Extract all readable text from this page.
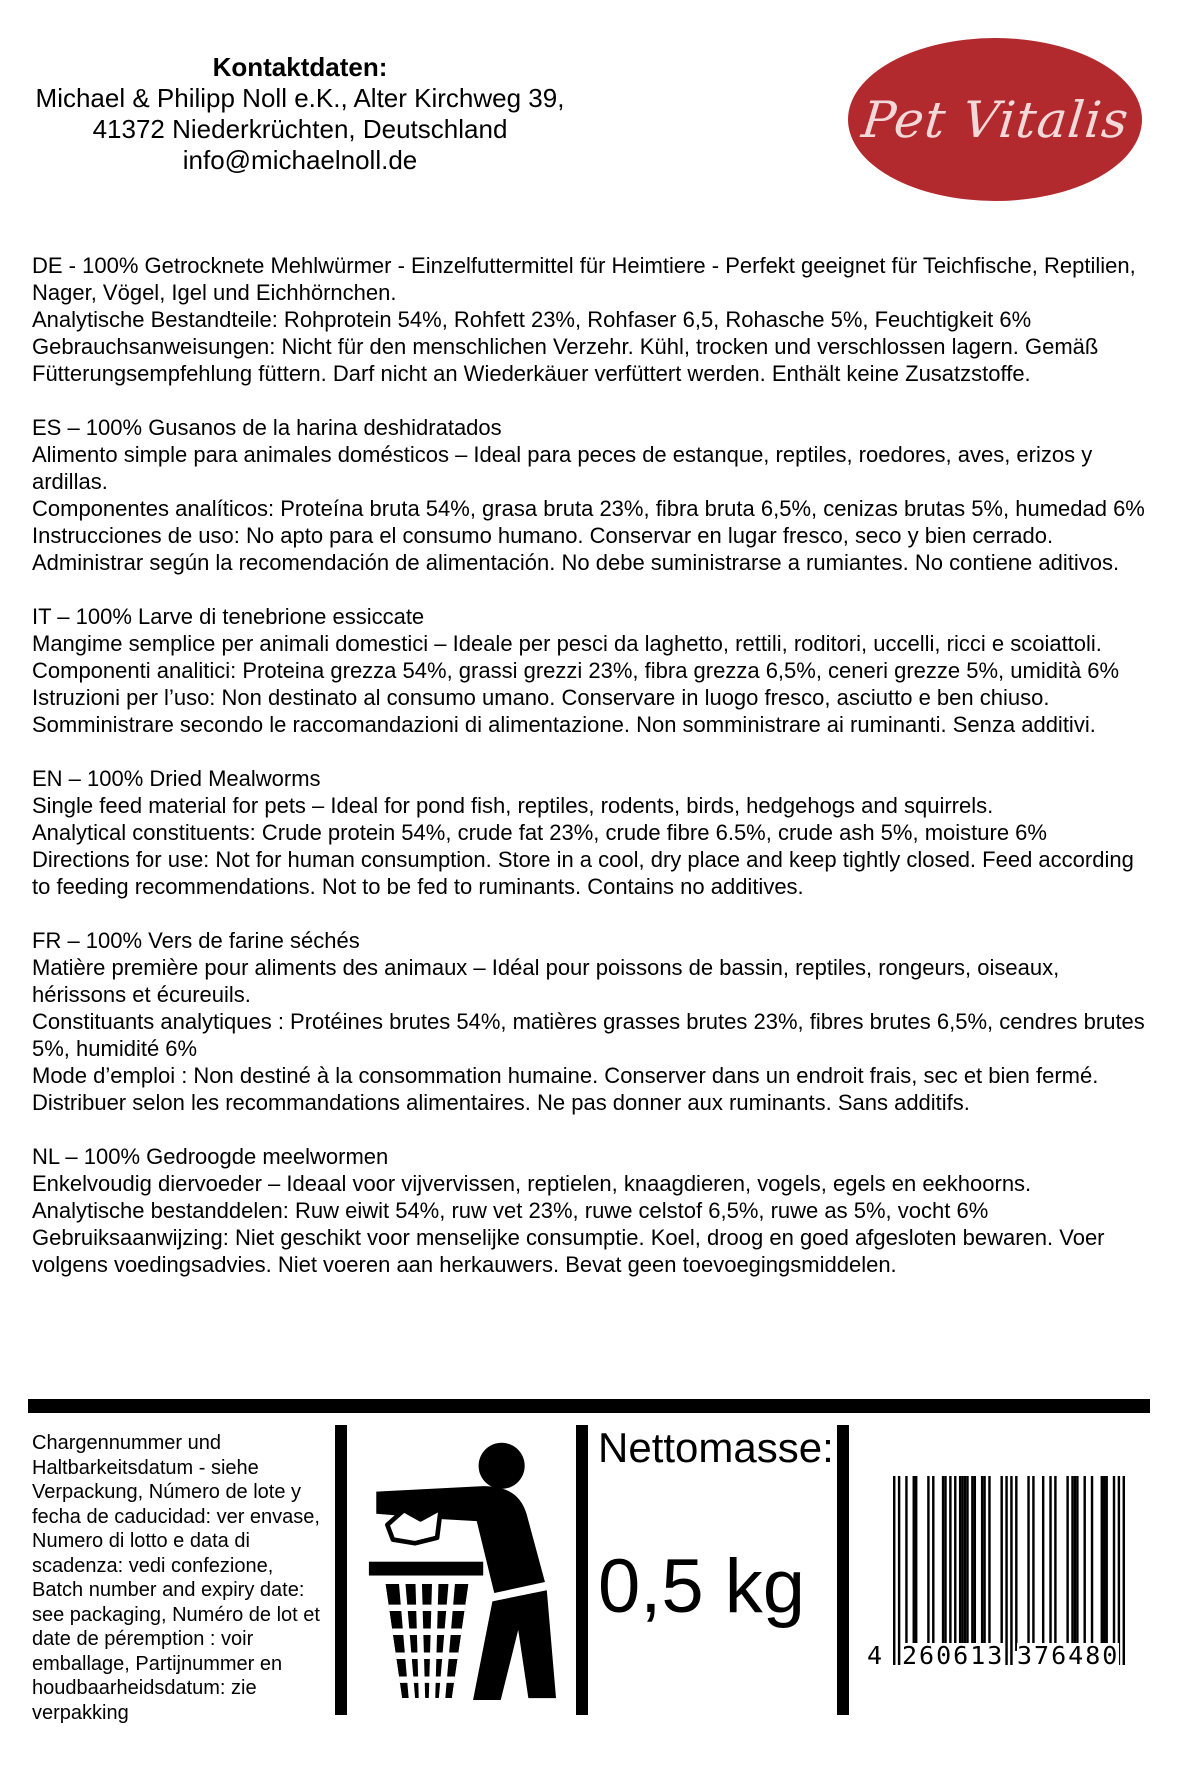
Kontaktdaten:
Michael & Philipp Noll e.K., Alter Kirchweg 39,
41372 Niederkrüchten, Deutschland
info@michaelnoll.de
Pet Vitalis

DE - 100% Getrocknete Mehlwürmer - Einzelfuttermittel für Heimtiere - Perfekt geeignet für Teichfische, Reptilien, Nager, Vögel, Igel und Eichhörnchen.

Analytische Bestandteile: Rohprotein 54%, Rohfett 23%, Rohfaser 6,5, Rohasche 5%, Feuchtigkeit 6%

Gebrauchsanweisungen: Nicht für den menschlichen Verzehr. Kühl, trocken und verschlossen lagern. Gemäß Fütterungsempfehlung füttern. Darf nicht an Wiederkäuer verfüttert werden. Enthält keine Zusatzstoffe.

ES – 100% Gusanos de la harina deshidratados

Alimento simple para animales domésticos – Ideal para peces de estanque, reptiles, roedores, aves, erizos y ardillas.

Componentes analíticos: Proteína bruta 54%, grasa bruta 23%, fibra bruta 6,5%, cenizas brutas 5%, humedad 6%

Instrucciones de uso: No apto para el consumo humano. Conservar en lugar fresco, seco y bien cerrado. Administrar según la recomendación de alimentación. No debe suministrarse a rumiantes. No contiene aditivos.

IT – 100% Larve di tenebrione essiccate

Mangime semplice per animali domestici – Ideale per pesci da laghetto, rettili, roditori, uccelli, ricci e scoiattoli.

Componenti analitici: Proteina grezza 54%, grassi grezzi 23%, fibra grezza 6,5%, ceneri grezze 5%, umidità 6%

Istruzioni per l’uso: Non destinato al consumo umano. Conservare in luogo fresco, asciutto e ben chiuso. Somministrare secondo le raccomandazioni di alimentazione. Non somministrare ai ruminanti. Senza additivi.

EN – 100% Dried Mealworms

Single feed material for pets – Ideal for pond fish, reptiles, rodents, birds, hedgehogs and squirrels.

Analytical constituents: Crude protein 54%, crude fat 23%, crude fibre 6.5%, crude ash 5%, moisture 6%

Directions for use: Not for human consumption. Store in a cool, dry place and keep tightly closed. Feed according to feeding recommendations. Not to be fed to ruminants. Contains no additives.

FR – 100% Vers de farine séchés

Matière première pour aliments des animaux – Idéal pour poissons de bassin, reptiles, rongeurs, oiseaux, hérissons et écureuils.

Constituants analytiques : Protéines brutes 54%, matières grasses brutes 23%, fibres brutes 6,5%, cendres brutes 5%, humidité 6%

Mode d’emploi : Non destiné à la consommation humaine. Conserver dans un endroit frais, sec et bien fermé. Distribuer selon les recommandations alimentaires. Ne pas donner aux ruminants. Sans additifs.

NL – 100% Gedroogde meelwormen

Enkelvoudig diervoeder – Ideaal voor vijvervissen, reptielen, knaagdieren, vogels, egels en eekhoorns.

Analytische bestanddelen: Ruw eiwit 54%, ruw vet 23%, ruwe celstof 6,5%, ruwe as 5%, vocht 6%

Gebruiksaanwijzing: Niet geschikt voor menselijke consumptie. Koel, droog en goed afgesloten bewaren. Voer volgens voedingsadvies. Niet voeren aan herkauwers. Bevat geen toevoegingsmiddelen.

Chargennummer und Haltbarkeitsdatum - siehe Verpackung, Número de lote y fecha de caducidad: ver envase, Numero di lotto e data di scadenza: vedi confezione, Batch number and expiry date: see packaging, Numéro de lot et date de péremption : voir emballage, Partijnummer en houdbaarheidsdatum: zie verpakking
Nettomasse:
0,5 kg
4 260613 376480
